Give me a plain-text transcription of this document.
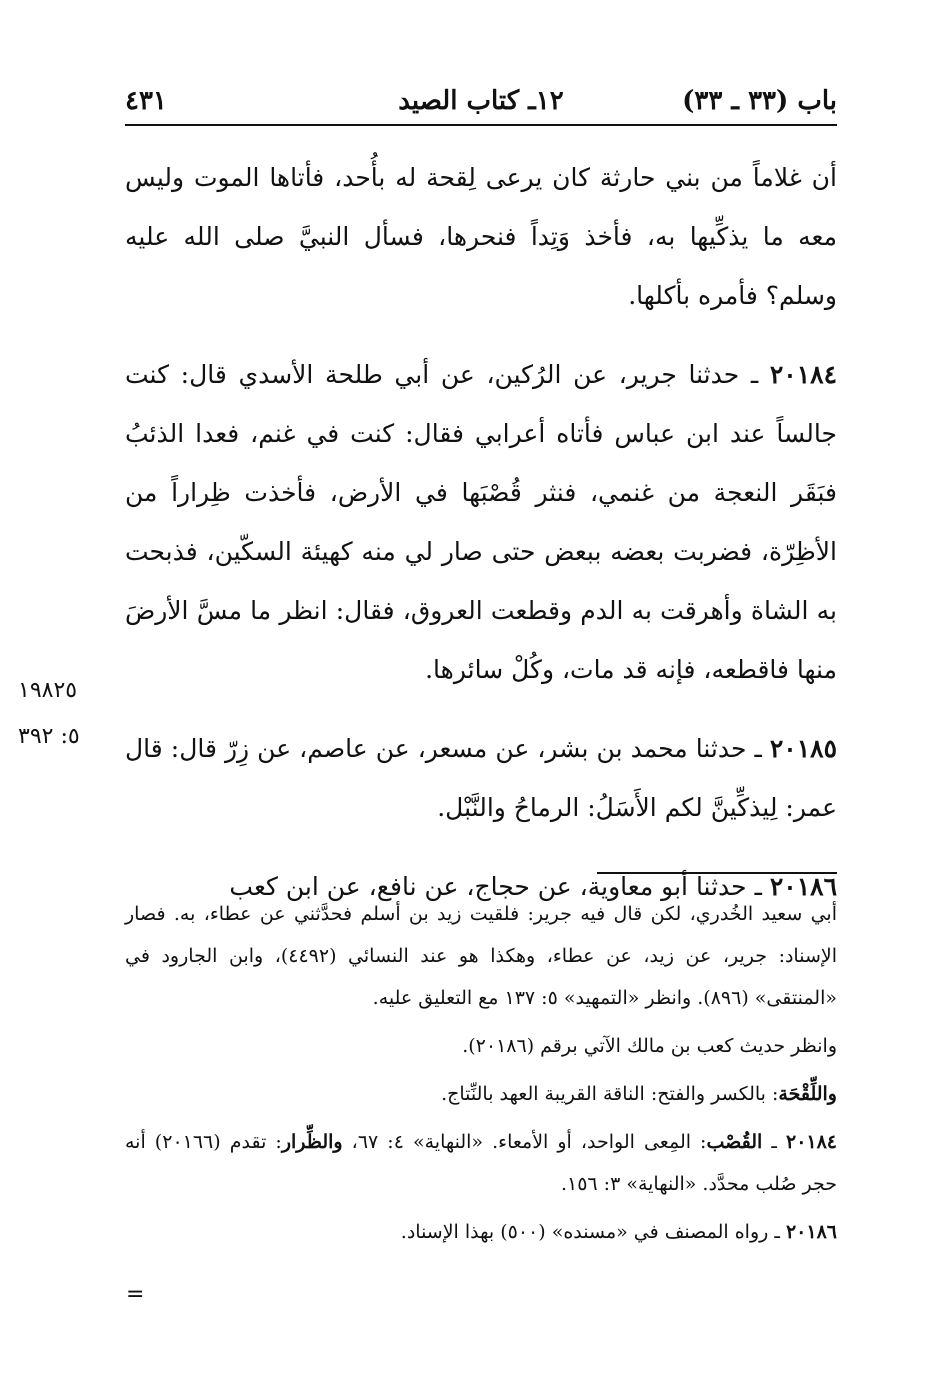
باب (٣٣ ـ ٣٣)
١٢ـ كتاب الصيد
٤٣١
١٩٨٢٥
٥: ٣٩٢

أن غلاماً من بني حارثة كان يرعى لِقحة له بأُحد، فأتاها الموت وليس معه ما يذكِّيها به، فأخذ وَتِداً فنحرها، فسأل النبيَّ صلى الله عليه وسلم؟ فأمره بأكلها.

٢٠١٨٤ ـ حدثنا جرير، عن الرُكين، عن أبي طلحة الأسدي قال: كنت جالساً عند ابن عباس فأتاه أعرابي فقال: كنت في غنم، فعدا الذئبُ فبَقَر النعجة من غنمي، فنثر قُصْبَها في الأرض، فأخذت ظِراراً من الأظِرّة، فضربت بعضه ببعض حتى صار لي منه كهيئة السكّين، فذبحت به الشاة وأهرقت به الدم وقطعت العروق، فقال: انظر ما مسَّ الأرضَ منها فاقطعه، فإنه قد مات، وكُلْ سائرها.

٢٠١٨٥ ـ حدثنا محمد بن بشر، عن مسعر، عن عاصم، عن زِرّ قال: قال عمر: لِيذكِّينَّ لكم الأَسَلُ: الرماحُ والنَّبْل.

٢٠١٨٦ ـ حدثنا أبو معاوية، عن حجاج، عن نافع، عن ابن كعب

أبي سعيد الخُدري، لكن قال فيه جرير: فلقيت زيد بن أسلم فحدَّثني عن عطاء، به. فصار الإسناد: جرير، عن زيد، عن عطاء، وهكذا هو عند النسائي (٤٤٩٢)، وابن الجارود في «المنتقى» (٨٩٦). وانظر «التمهيد» ٥: ١٣٧ مع التعليق عليه.

وانظر حديث كعب بن مالك الآتي برقم (٢٠١٨٦).

واللِّقْحَة: بالكسر والفتح: الناقة القريبة العهد بالنِّتاج.

٢٠١٨٤ ـ القُصْب: المِعى الواحد، أو الأمعاء. «النهاية» ٤: ٦٧، والظِّرار: تقدم (٢٠١٦٦) أنه حجر صُلب محدَّد. «النهاية» ٣: ١٥٦.

٢٠١٨٦ ـ رواه المصنف في «مسنده» (٥٠٠) بهذا الإسناد.

=
